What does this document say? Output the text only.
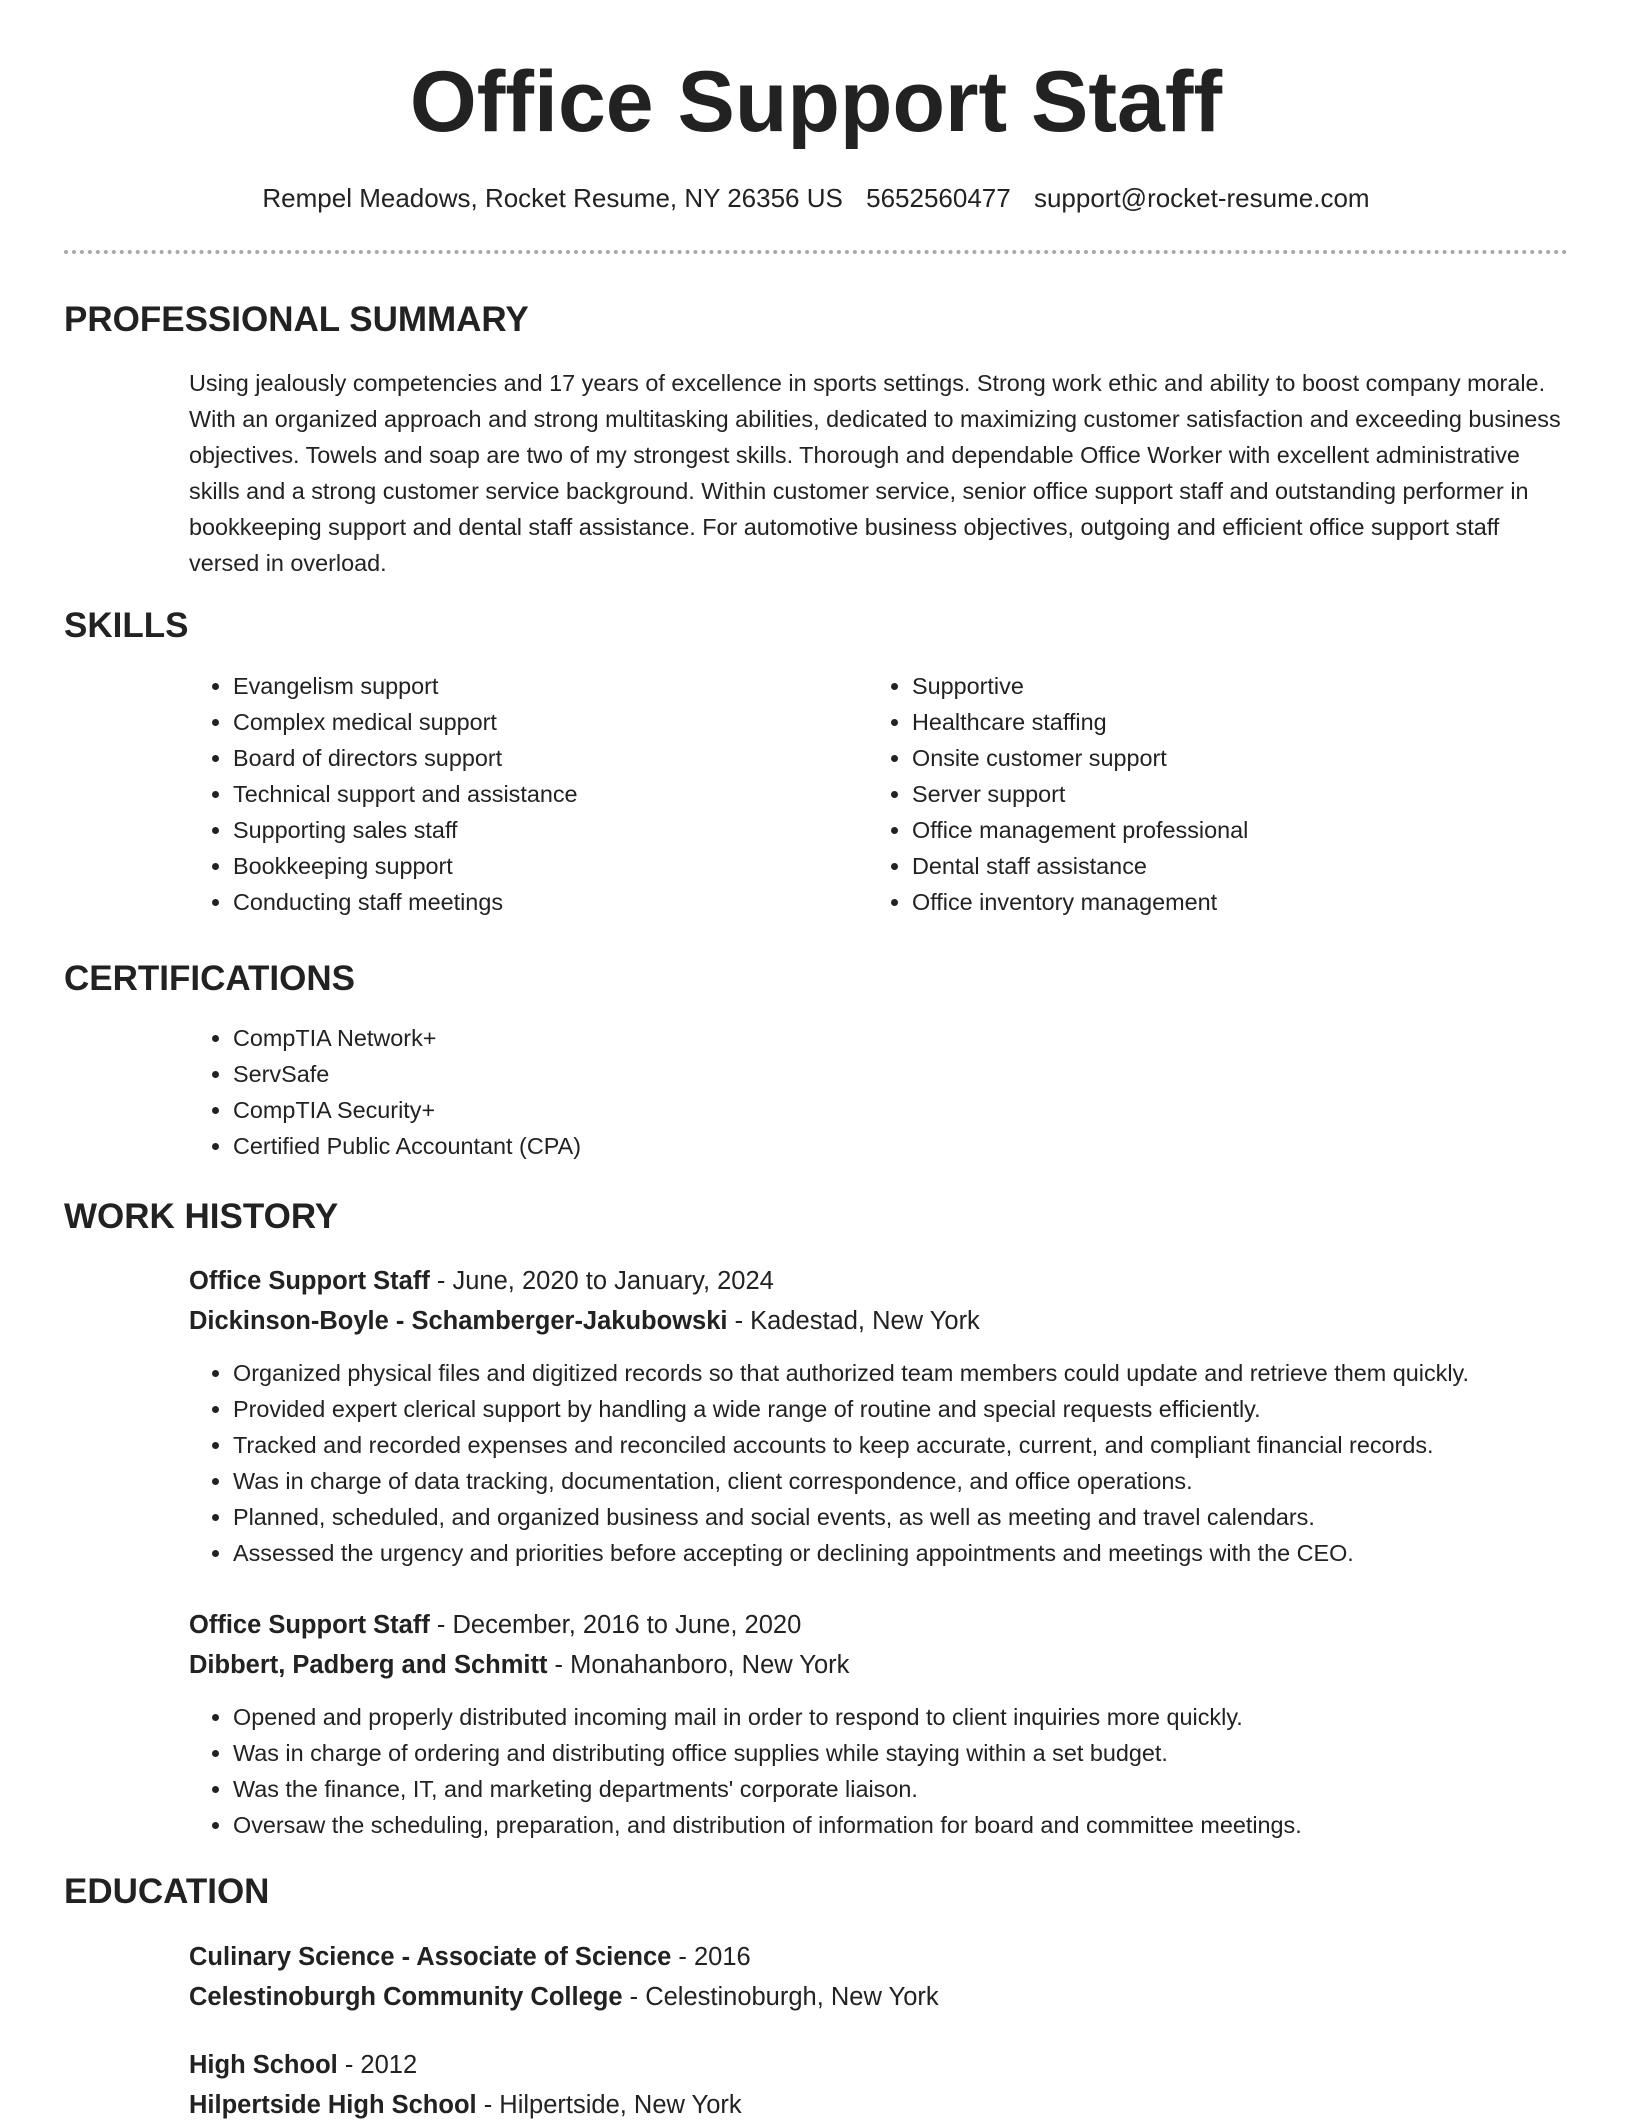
Office Support Staff
Rempel Meadows, Rocket Resume, NY 26356 US 5652560477 support@rocket-resume.com
PROFESSIONAL SUMMARY

Using jealously competencies and 17 years of excellence in sports settings. Strong work ethic and ability to boost company morale. With an organized approach and strong multitasking abilities, dedicated to maximizing customer satisfaction and exceeding business objectives. Towels and soap are two of my strongest skills. Thorough and dependable Office Worker with excellent administrative skills and a strong customer service background. Within customer service, senior office support staff and outstanding performer in bookkeeping support and dental staff assistance. For automotive business objectives, outgoing and efficient office support staff versed in overload.

SKILLS
• Evangelism support
• Complex medical support
• Board of directors support
• Technical support and assistance
• Supporting sales staff
• Bookkeeping support
• Conducting staff meetings
• Supportive
• Healthcare staffing
• Onsite customer support
• Server support
• Office management professional
• Dental staff assistance
• Office inventory management
CERTIFICATIONS
• CompTIA Network+
• ServSafe
• CompTIA Security+
• Certified Public Accountant (CPA)
WORK HISTORY
Office Support Staff - June, 2020 to January, 2024
Dickinson-Boyle - Schamberger-Jakubowski - Kadestad, New York
• Organized physical files and digitized records so that authorized team members could update and retrieve them quickly.
• Provided expert clerical support by handling a wide range of routine and special requests efficiently.
• Tracked and recorded expenses and reconciled accounts to keep accurate, current, and compliant financial records.
• Was in charge of data tracking, documentation, client correspondence, and office operations.
• Planned, scheduled, and organized business and social events, as well as meeting and travel calendars.
• Assessed the urgency and priorities before accepting or declining appointments and meetings with the CEO.
Office Support Staff - December, 2016 to June, 2020
Dibbert, Padberg and Schmitt - Monahanboro, New York
• Opened and properly distributed incoming mail in order to respond to client inquiries more quickly.
• Was in charge of ordering and distributing office supplies while staying within a set budget.
• Was the finance, IT, and marketing departments' corporate liaison.
• Oversaw the scheduling, preparation, and distribution of information for board and committee meetings.
EDUCATION
Culinary Science - Associate of Science - 2016
Celestinoburgh Community College - Celestinoburgh, New York
High School - 2012
Hilpertside High School - Hilpertside, New York
